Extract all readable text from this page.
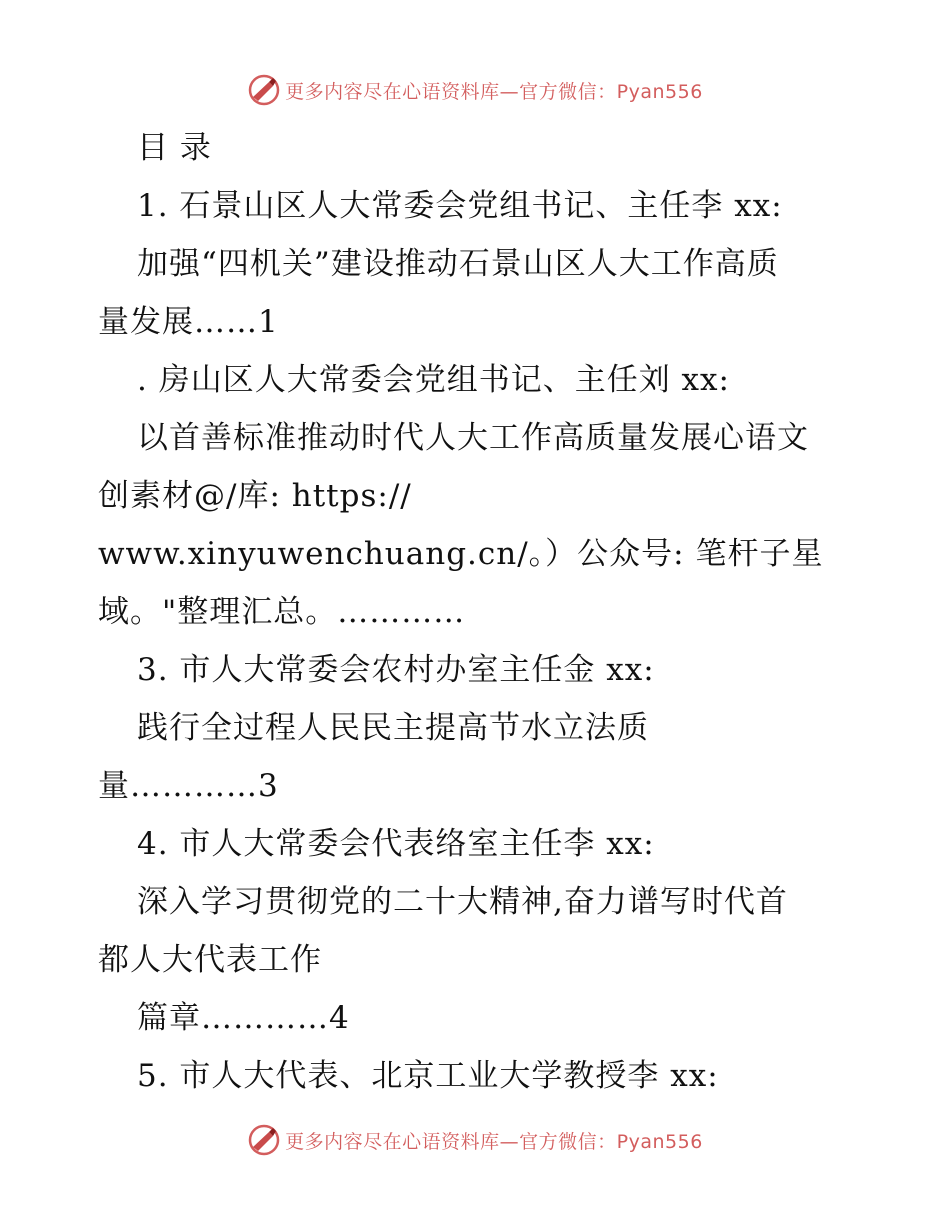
更多内容尽在心语资料库—官方微信：Pyan556
目 录
1. 石景山区人大常委会党组书记、主任李 xx:
加强“四机关”建设推动石景山区人大工作高质
量发展……1
. 房山区人大常委会党组书记、主任刘 xx:
以首善标准推动时代人大工作高质量发展心语文
创素材@/库: https://
www.xinyuwenchuang.cn/。）公众号: 笔杆子星
域。"整理汇总。…………
3. 市人大常委会农村办室主任金 xx:
践行全过程人民民主提高节水立法质
量…………3
4. 市人大常委会代表络室主任李 xx:
深入学习贯彻党的二十大精神,奋力谱写时代首
都人大代表工作
篇章…………4
5. 市人大代表、北京工业大学教授李 xx:
更多内容尽在心语资料库—官方微信：Pyan556
